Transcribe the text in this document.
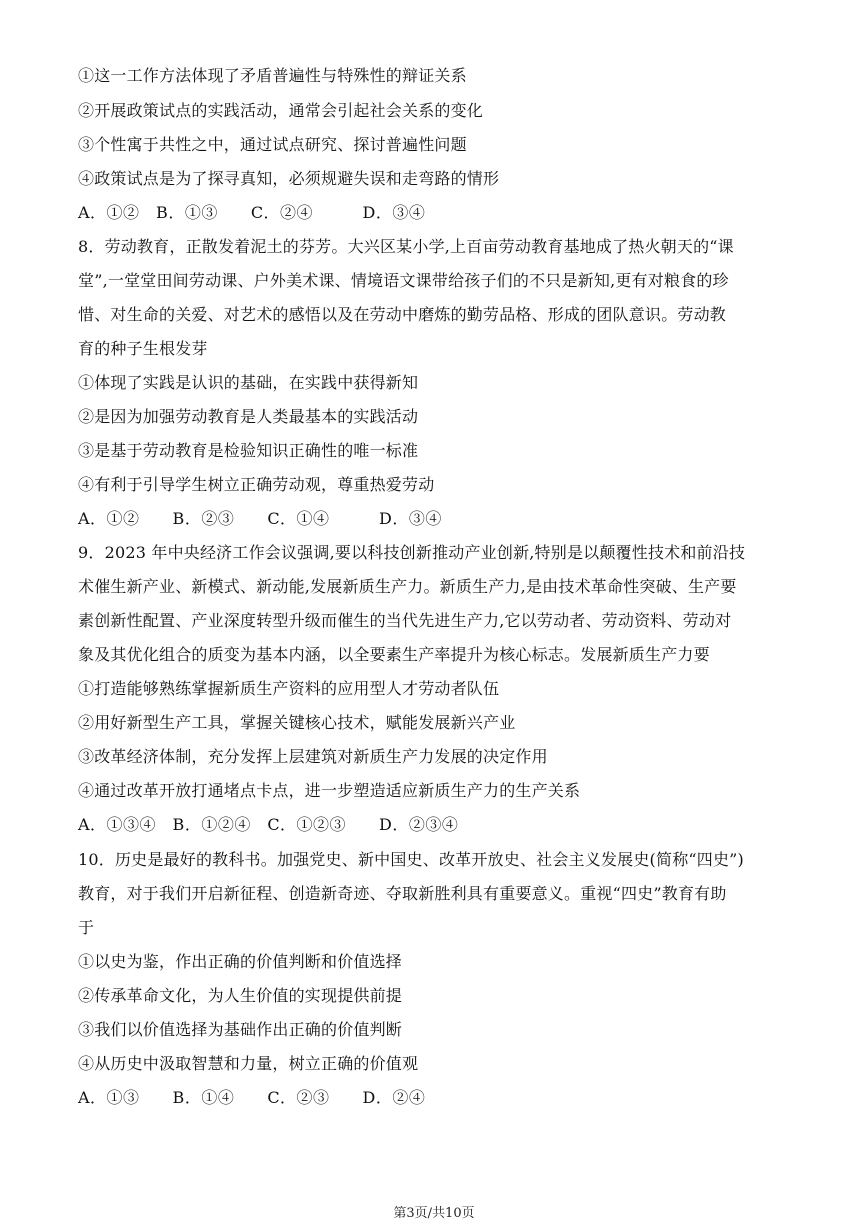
①这一工作方法体现了矛盾普遍性与特殊性的辩证关系
②开展政策试点的实践活动，通常会引起社会关系的变化
③个性寓于共性之中，通过试点研究、探讨普遍性问题
④政策试点是为了探寻真知，必须规避失误和走弯路的情形
A．①②　B．①③　　C．②④　　　D．③④
8．劳动教育，正散发着泥土的芬芳。大兴区某小学,上百亩劳动教育基地成了热火朝天的“课
堂”,一堂堂田间劳动课、户外美术课、情境语文课带给孩子们的不只是新知,更有对粮食的珍
惜、对生命的关爱、对艺术的感悟以及在劳动中磨炼的勤劳品格、形成的团队意识。劳动教
育的种子生根发芽
①体现了实践是认识的基础，在实践中获得新知
②是因为加强劳动教育是人类最基本的实践活动
③是基于劳动教育是检验知识正确性的唯一标准
④有利于引导学生树立正确劳动观，尊重热爱劳动
A．①②　　B．②③　　C．①④　　　D．③④
9．2023 年中央经济工作会议强调,要以科技创新推动产业创新,特别是以颠覆性技术和前沿技
术催生新产业、新模式、新动能,发展新质生产力。新质生产力,是由技术革命性突破、生产要
素创新性配置、产业深度转型升级而催生的当代先进生产力,它以劳动者、劳动资料、劳动对
象及其优化组合的质变为基本内涵，以全要素生产率提升为核心标志。发展新质生产力要
①打造能够熟练掌握新质生产资料的应用型人才劳动者队伍
②用好新型生产工具，掌握关键核心技术，赋能发展新兴产业
③改革经济体制，充分发挥上层建筑对新质生产力发展的决定作用
④通过改革开放打通堵点卡点，进一步塑造适应新质生产力的生产关系
A．①③④　B．①②④　C．①②③　　D．②③④
10．历史是最好的教科书。加强党史、新中国史、改革开放史、社会主义发展史(简称“四史”)
教育，对于我们开启新征程、创造新奇迹、夺取新胜利具有重要意义。重视“四史”教育有助
于
①以史为鉴，作出正确的价值判断和价值选择
②传承革命文化，为人生价值的实现提供前提
③我们以价值选择为基础作出正确的价值判断
④从历史中汲取智慧和力量，树立正确的价值观
A．①③　　B．①④　　C．②③　　D．②④
第3页/共10页
